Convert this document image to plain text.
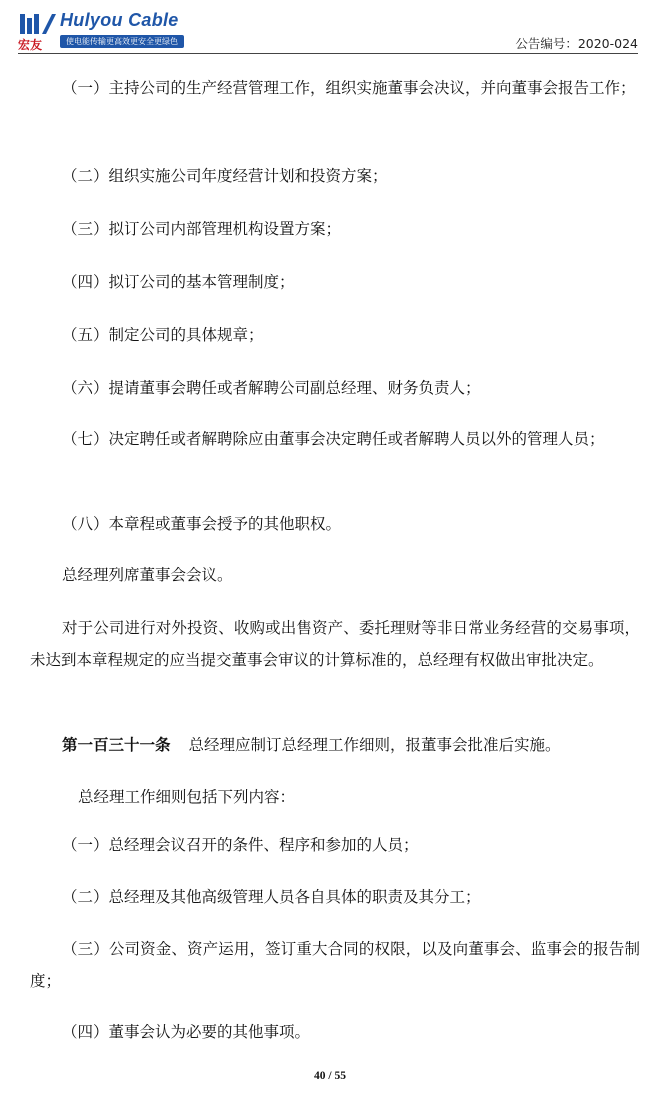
Hulyou Cable
宏友	使电能传输更高效更安全更绿色	公告编号：2020-024
（一）主持公司的生产经营管理工作，组织实施董事会决议，并向董事会报告工作；
（二）组织实施公司年度经营计划和投资方案；
（三）拟订公司内部管理机构设置方案；
（四）拟订公司的基本管理制度；
（五）制定公司的具体规章；
（六）提请董事会聘任或者解聘公司副总经理、财务负责人；
（七）决定聘任或者解聘除应由董事会决定聘任或者解聘人员以外的管理人员；
（八）本章程或董事会授予的其他职权。
总经理列席董事会会议。
对于公司进行对外投资、收购或出售资产、委托理财等非日常业务经营的交易事项，未达到本章程规定的应当提交董事会审议的计算标准的，总经理有权做出审批决定。
第一百三十一条 总经理应制订总经理工作细则，报董事会批准后实施。
总经理工作细则包括下列内容：
（一）总经理会议召开的条件、程序和参加的人员；
（二）总经理及其他高级管理人员各自具体的职责及其分工；
（三）公司资金、资产运用，签订重大合同的权限，以及向董事会、监事会的报告制度；
（四）董事会认为必要的其他事项。
40 / 55
